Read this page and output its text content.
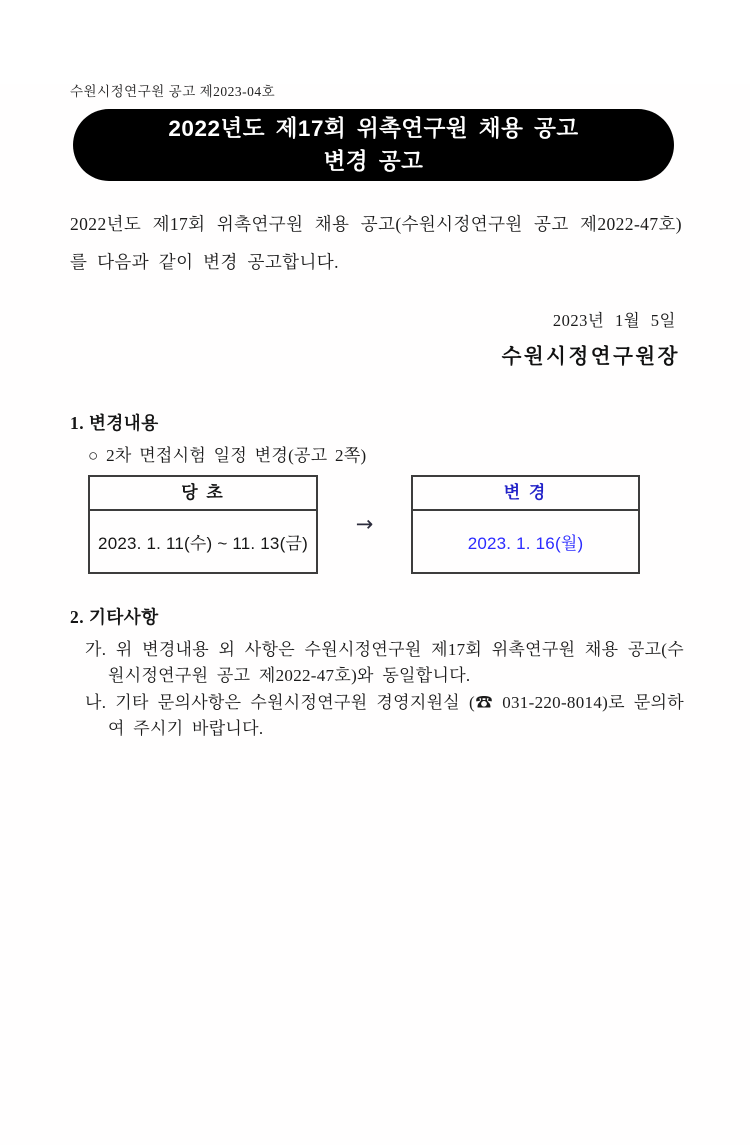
수원시정연구원 공고 제2023-04호
2022년도 제17회 위촉연구원 채용 공고
변경 공고

2022년도 제17회 위촉연구원 채용 공고(수원시정연구원 공고 제2022-47호)를 다음과 같이 변경 공고합니다.

2023년 1월 5일
수원시정연구원장
1. 변경내용
○ 2차 면접시험 일정 변경(공고 2쪽)
당 초
2023. 1. 11(수) ~ 11. 13(금)
→
변 경
2023. 1. 16(월)
2. 기타사항

가. 위 변경내용 외 사항은 수원시정연구원 제17회 위촉연구원 채용 공고(수원시정연구원 공고 제2022-47호)와 동일합니다.

나. 기타 문의사항은 수원시정연구원 경영지원실 (☎ 031-220-8014)로 문의하여 주시기 바랍니다.
